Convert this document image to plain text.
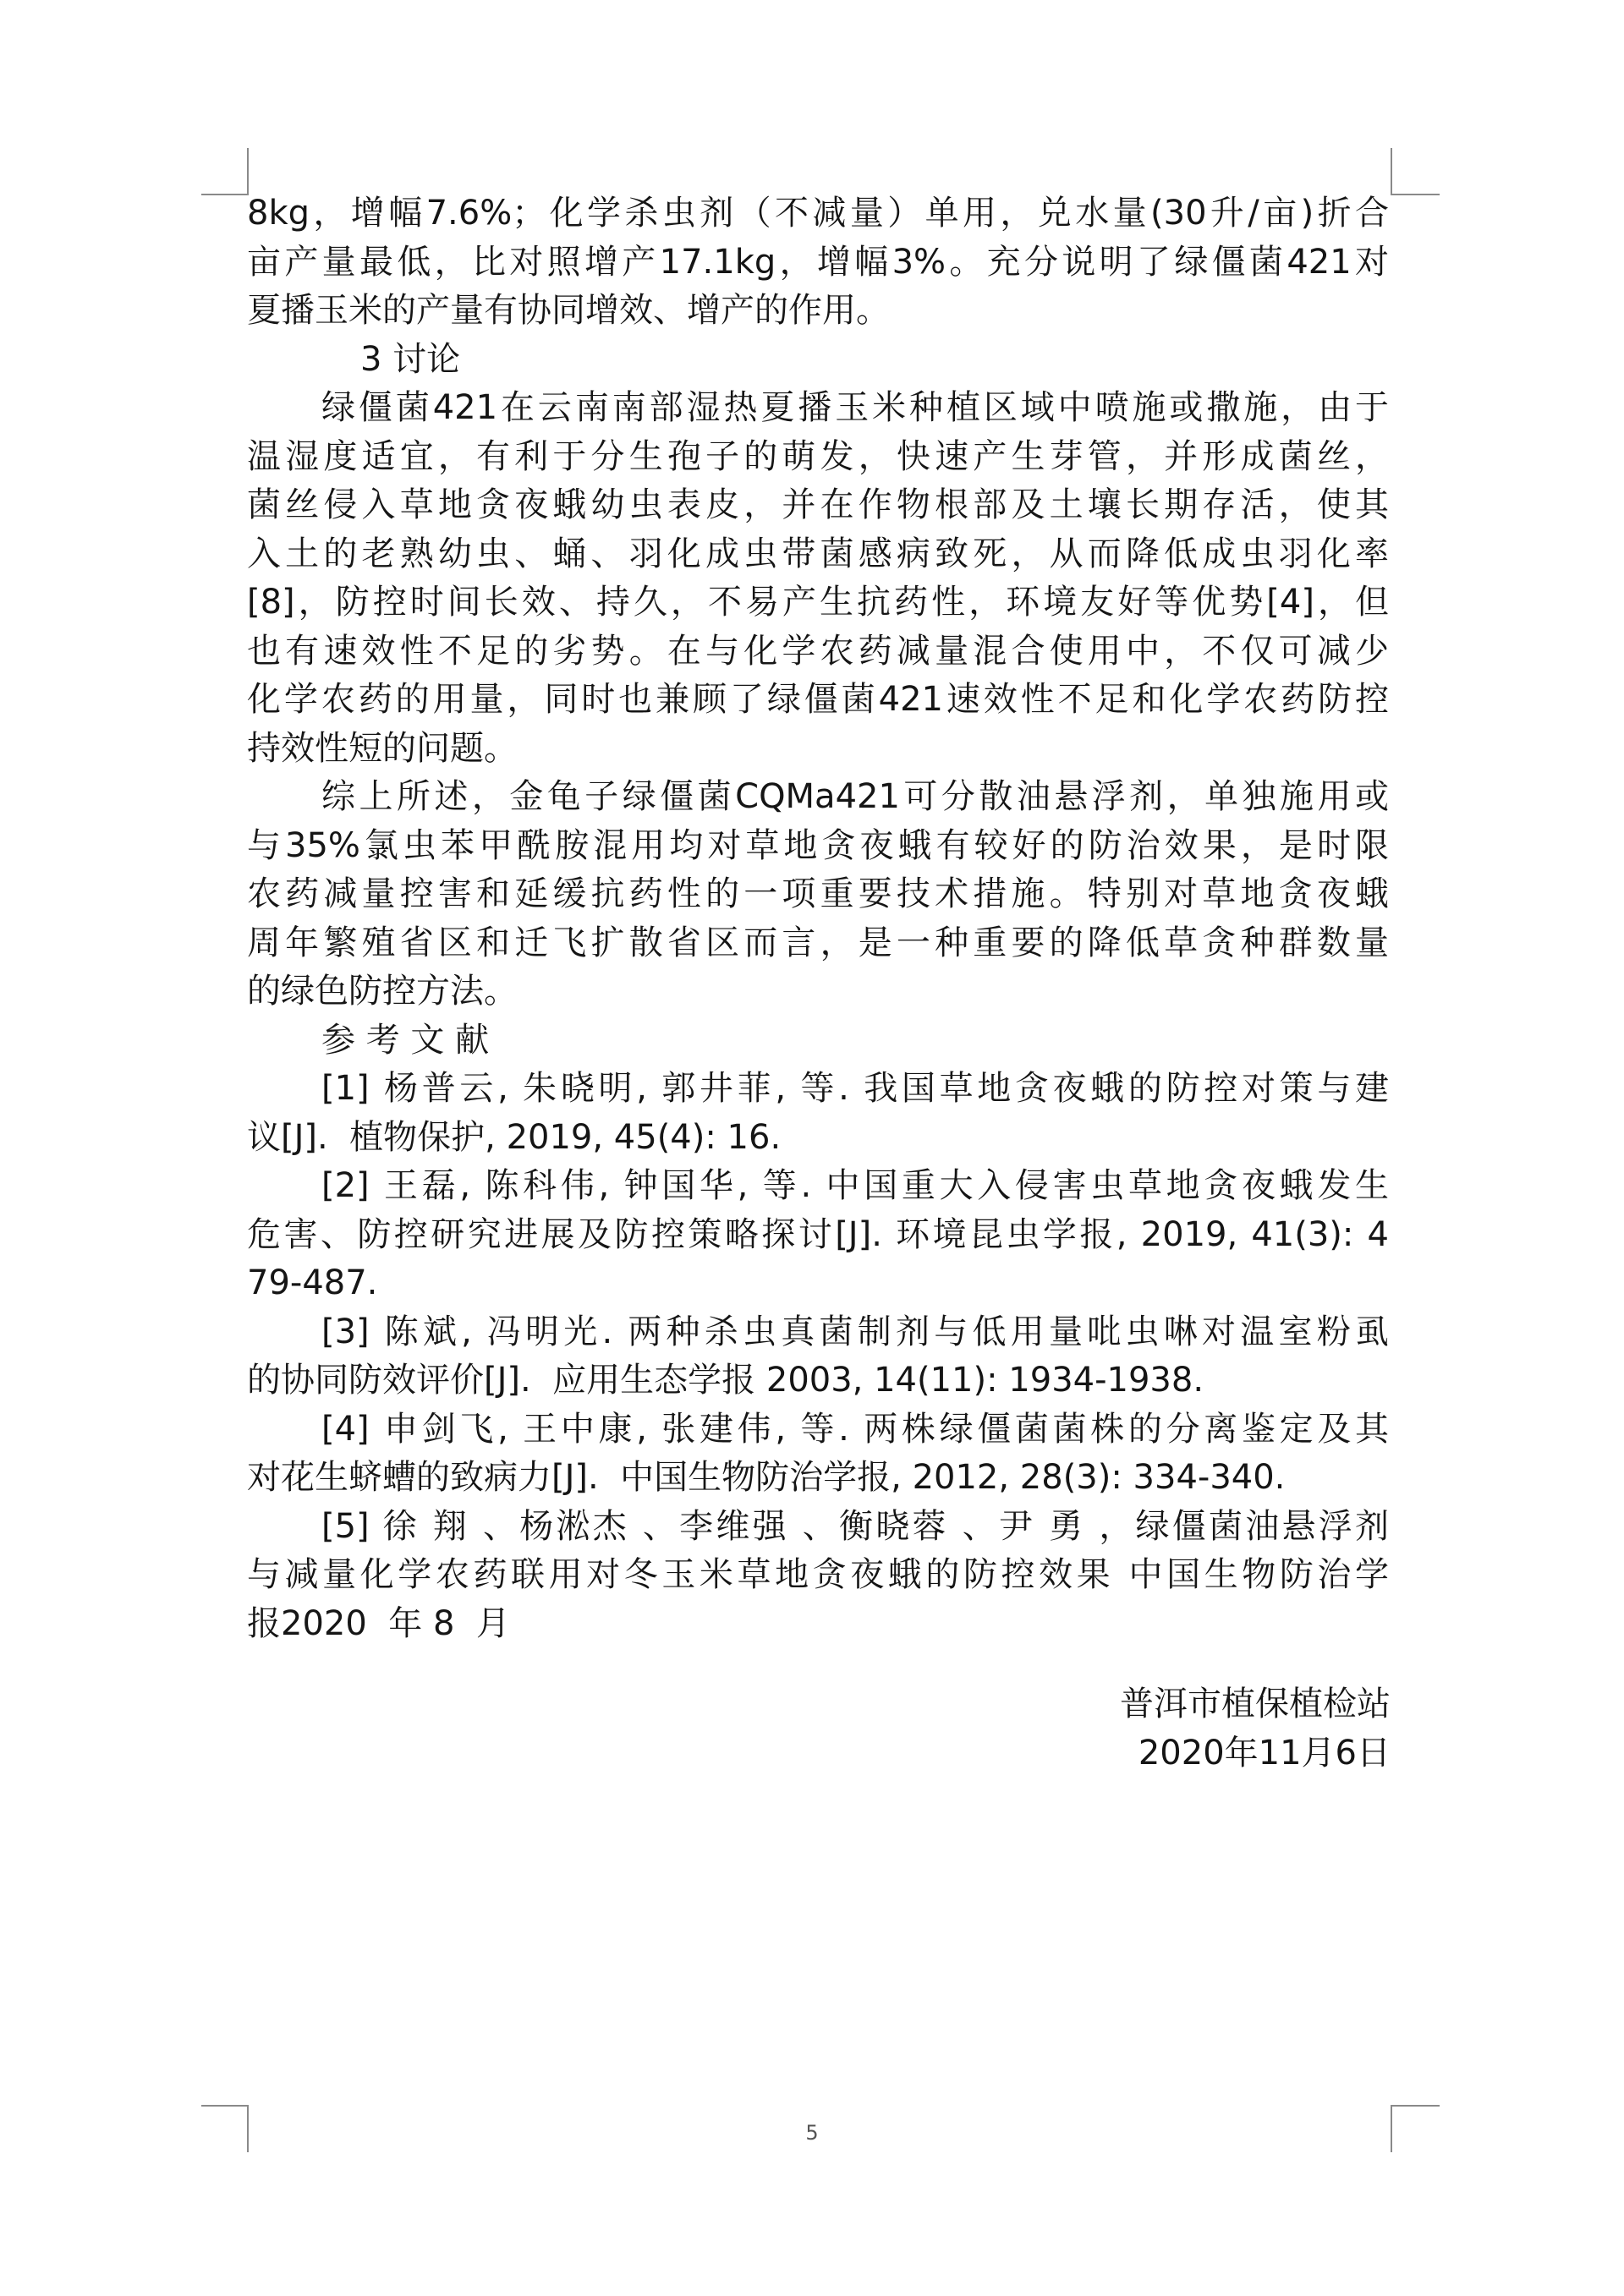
8kg，增幅7.6%；化学杀虫剂（不减量）单用，兑水量(30升/亩)折合
亩产量最低，比对照增产17.1kg，增幅3%。充分说明了绿僵菌421对
夏播玉米的产量有协同增效、增产的作用。
3 讨论
绿僵菌421在云南南部湿热夏播玉米种植区域中喷施或撒施，由于
温湿度适宜，有利于分生孢子的萌发，快速产生芽管，并形成菌丝，
菌丝侵入草地贪夜蛾幼虫表皮，并在作物根部及土壤长期存活，使其
入土的老熟幼虫、蛹、羽化成虫带菌感病致死，从而降低成虫羽化率
[8]，防控时间长效、持久，不易产生抗药性，环境友好等优势[4]，但
也有速效性不足的劣势。在与化学农药减量混合使用中，不仅可减少
化学农药的用量，同时也兼顾了绿僵菌421速效性不足和化学农药防控
持效性短的问题。
综上所述，金龟子绿僵菌CQMa421可分散油悬浮剂，单独施用或
与35%氯虫苯甲酰胺混用均对草地贪夜蛾有较好的防治效果，是时限
农药减量控害和延缓抗药性的一项重要技术措施。特别对草地贪夜蛾
周年繁殖省区和迁飞扩散省区而言，是一种重要的降低草贪种群数量
的绿色防控方法。
参 考 文 献
[1] 杨普云, 朱晓明, 郭井菲, 等. 我国草地贪夜蛾的防控对策与建
议[J].  植物保护, 2019, 45(4): 16.
[2] 王磊, 陈科伟, 钟国华, 等. 中国重大入侵害虫草地贪夜蛾发生
危害、防控研究进展及防控策略探讨[J]. 环境昆虫学报, 2019, 41(3): 4
79-487.
[3] 陈斌, 冯明光. 两种杀虫真菌制剂与低用量吡虫啉对温室粉虱
的协同防效评价[J].  应用生态学报 2003, 14(11): 1934-1938.
[4] 申剑飞, 王中康, 张建伟, 等. 两株绿僵菌菌株的分离鉴定及其
对花生蛴螬的致病力[J].  中国生物防治学报, 2012, 28(3): 334-340.
[5] 徐 翔 、杨淞杰 、李维强 、衡晓蓉 、尹 勇 ，绿僵菌油悬浮剂
与减量化学农药联用对冬玉米草地贪夜蛾的防控效果 中国生物防治学
报2020  年 8  月
普洱市植保植检站
2020年11月6日
5
